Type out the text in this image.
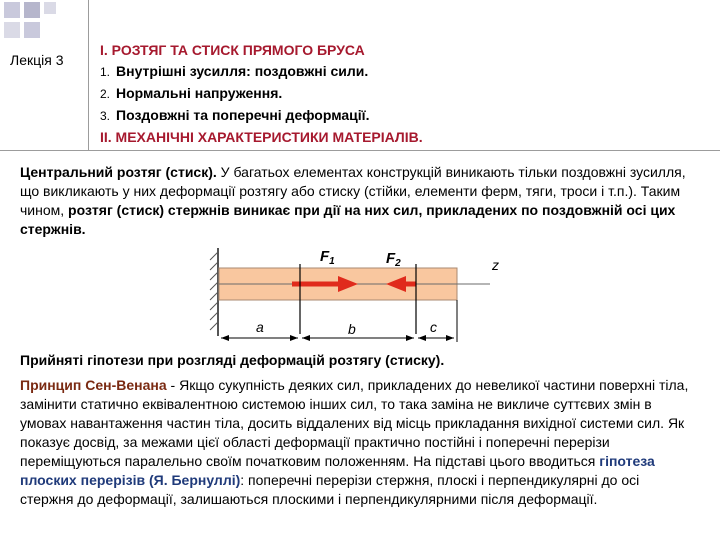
Лекція 3
I. РОЗТЯГ ТА СТИСК ПРЯМОГО БРУСА
1. Внутрішні зусилля: поздовжні сили.
2. Нормальні напруження.
3. Поздовжні та поперечні деформації.
II. МЕХАНІЧНІ ХАРАКТЕРИСТИКИ МАТЕРІАЛІВ.
Центральний розтяг (стиск). У багатьох елементах конструкцій виникають тільки поздовжні зусилля, що викликають у них деформації розтягу або стиску (стійки, елементи ферм, тяги, троси і т.п.). Таким чином, розтяг (стиск) стержнів виникає при дії на них сил, прикладених по поздовжній осі цих стержнів.
$F_1$	$F_2$	z
a	b	c
Прийняті гіпотези при розгляді деформацій розтягу (стиску).
Принцип Сен-Венана - Якщо сукупність деяких сил, прикладених до невеликої частини поверхні тіла, замінити статично еквівалентною системою інших сил, то така заміна не викличе суттєвих змін в умовах навантаження частин тіла, досить віддалених від місць прикладання вихідної системи сил. Як показує досвід, за межами цієї області деформації практично постійні і поперечні перерізи переміщуються паралельно своїм початковим положенням. На підставі цього вводиться гіпотеза плоских перерізів (Я. Бернуллі): поперечні перерізи стержня, плоскі і перпендикулярні до осі стержня до деформації, залишаються плоскими і перпендикулярними після деформації.
